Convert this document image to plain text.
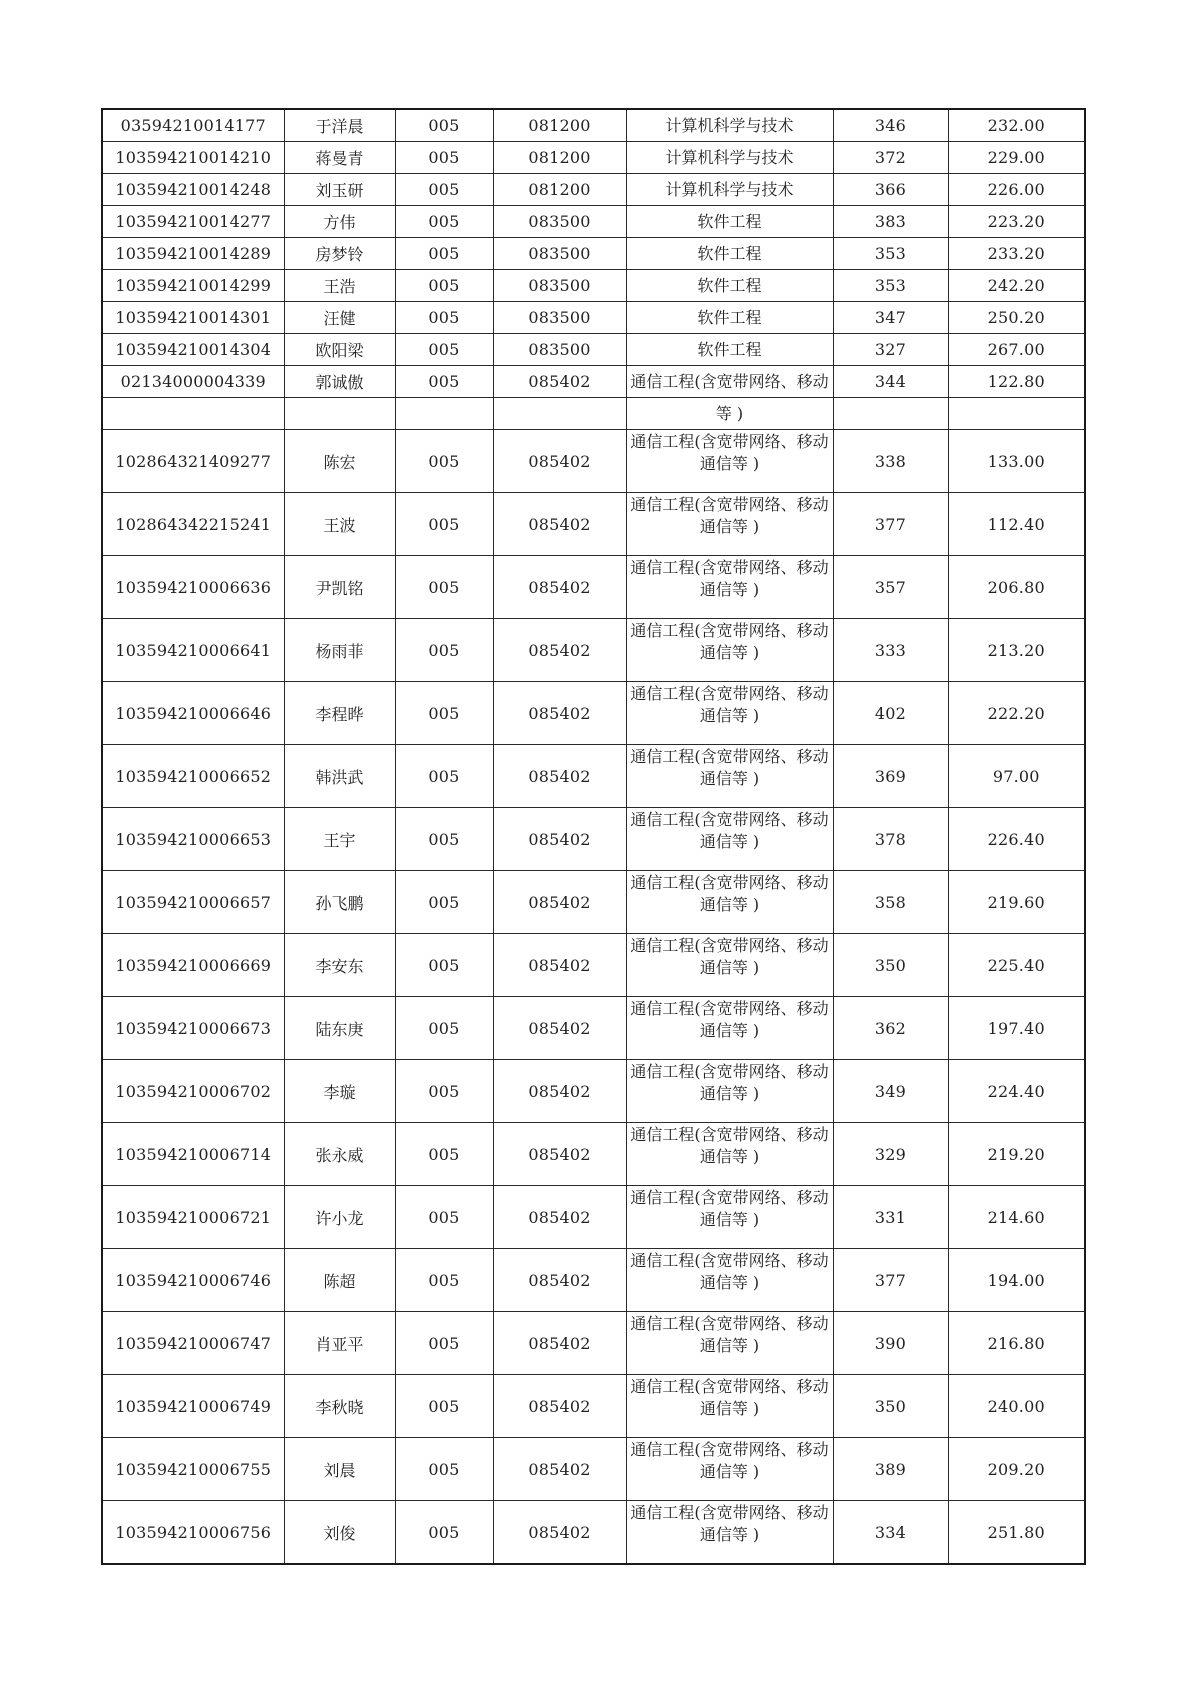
03594210014177	于洋晨	005	081200	计算机科学与技术	346	232.00
103594210014210	蒋曼青	005	081200	计算机科学与技术	372	229.00
103594210014248	刘玉研	005	081200	计算机科学与技术	366	226.00
103594210014277	方伟	005	083500	软件工程	383	223.20
103594210014289	房梦铃	005	083500	软件工程	353	233.20
103594210014299	王浩	005	083500	软件工程	353	242.20
103594210014301	汪健	005	083500	软件工程	347	250.20
103594210014304	欧阳梁	005	083500	软件工程	327	267.00
02134000004339	郭诚傲	005	085402	通信工程(含宽带网络、移动	344	122.80

				等 )		

102864321409277	陈宏	005	085402	通信工程(含宽带网络、移动通信等 )	338	133.00
102864342215241	王波	005	085402	通信工程(含宽带网络、移动通信等 )	377	112.40
103594210006636	尹凯铭	005	085402	通信工程(含宽带网络、移动通信等 )	357	206.80
103594210006641	杨雨菲	005	085402	通信工程(含宽带网络、移动通信等 )	333	213.20
103594210006646	李程晔	005	085402	通信工程(含宽带网络、移动通信等 )	402	222.20
103594210006652	韩洪武	005	085402	通信工程(含宽带网络、移动通信等 )	369	97.00
103594210006653	王宇	005	085402	通信工程(含宽带网络、移动通信等 )	378	226.40
103594210006657	孙飞鹏	005	085402	通信工程(含宽带网络、移动通信等 )	358	219.60
103594210006669	李安东	005	085402	通信工程(含宽带网络、移动通信等 )	350	225.40
103594210006673	陆东庚	005	085402	通信工程(含宽带网络、移动通信等 )	362	197.40
103594210006702	李璇	005	085402	通信工程(含宽带网络、移动通信等 )	349	224.40
103594210006714	张永威	005	085402	通信工程(含宽带网络、移动通信等 )	329	219.20
103594210006721	许小龙	005	085402	通信工程(含宽带网络、移动通信等 )	331	214.60
103594210006746	陈超	005	085402	通信工程(含宽带网络、移动通信等 )	377	194.00
103594210006747	肖亚平	005	085402	通信工程(含宽带网络、移动通信等 )	390	216.80
103594210006749	李秋晓	005	085402	通信工程(含宽带网络、移动通信等 )	350	240.00
103594210006755	刘晨	005	085402	通信工程(含宽带网络、移动通信等 )	389	209.20
103594210006756	刘俊	005	085402	通信工程(含宽带网络、移动通信等 )	334	251.80
